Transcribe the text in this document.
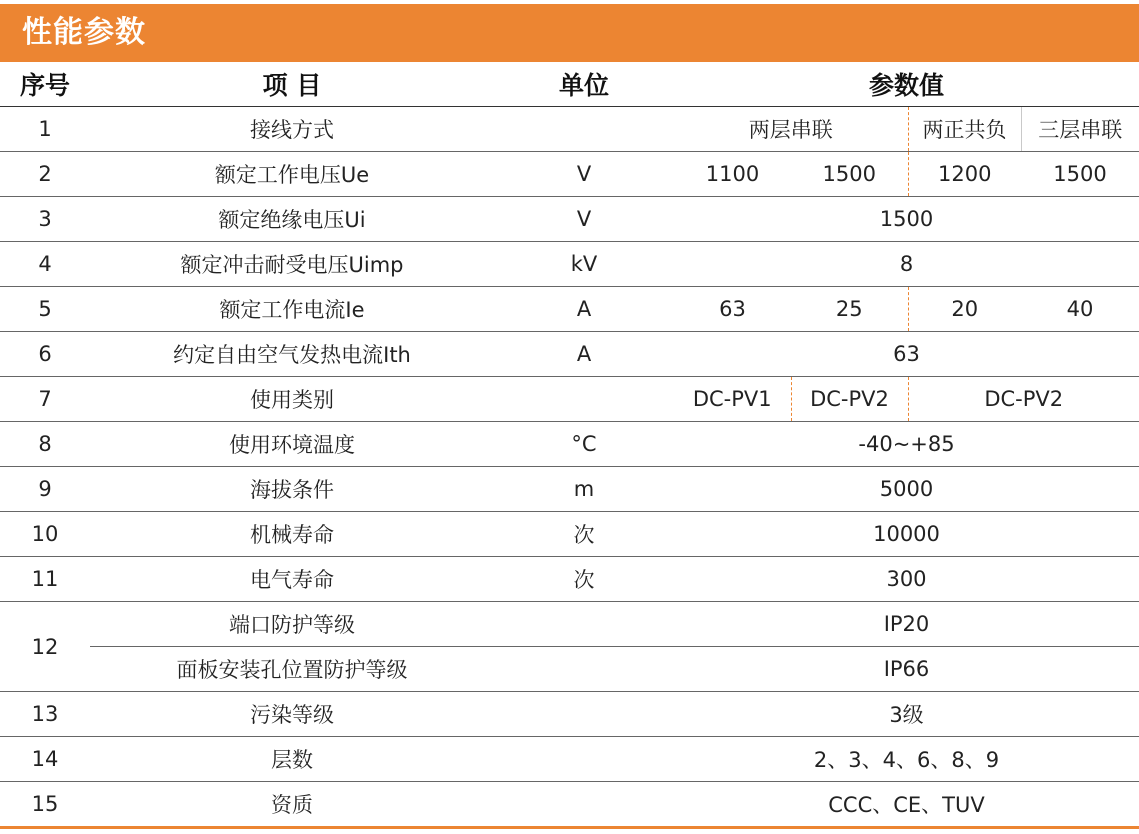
性能参数
序号	项 目	单位	参数值			
1	接线方式		两层串联		两正共负	三层串联
2	额定工作电压Ue	V	1100	1500	1200	1500
3	额定绝缘电压Ui	V	1500			
4	额定冲击耐受电压Uimp	kV	8			
5	额定工作电流Ie	A	63	25	20	40
6	约定自由空气发热电流Ith	A	63			
7	使用类别		DC-PV1	DC-PV2	DC-PV2	
8	使用环境温度	°C	-40~+85			
9	海拔条件	m	5000			
10	机械寿命	次	10000			
11	电气寿命	次	300			
12	端口防护等级		IP20			
	面板安装孔位置防护等级		IP66			
13	污染等级		3级			
14	层数		2、3、4、6、8、9			
15	资质		CCC、CE、TUV			
